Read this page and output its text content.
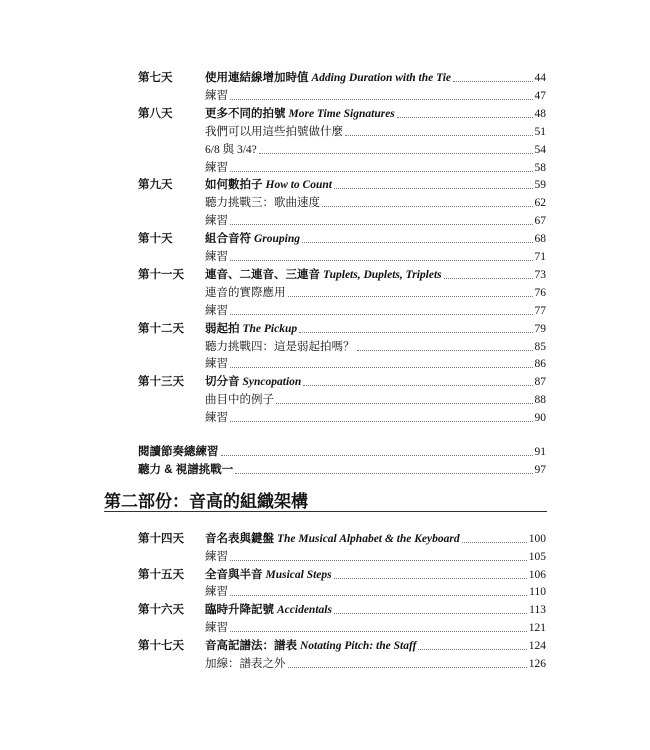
第七天	使用連結線增加時值 Adding Duration with the Tie	44
練習	47
第八天	更多不同的拍號 More Time Signatures	48
我們可以用這些拍號做什麼	51
6/8 與 3/4?	54
練習	58
第九天	如何數拍子 How to Count	59
聽力挑戰三：歌曲速度	62
練習	67
第十天	組合音符 Grouping	68
練習	71
第十一天	連音、二連音、三連音 Tuplets, Duplets, Triplets	73
連音的實際應用	76
練習	77
第十二天	弱起拍 The Pickup	79
聽力挑戰四：這是弱起拍嗎？	85
練習	86
第十三天	切分音 Syncopation	87
曲目中的例子	88
練習	90
閱讀節奏總練習	91
聽力 & 視譜挑戰一	97
第二部份：音高的組織架構
第十四天	音名表與鍵盤 The Musical Alphabet & the Keyboard	100
練習	105
第十五天	全音與半音 Musical Steps	106
練習	110
第十六天	臨時升降記號 Accidentals	113
練習	121
第十七天	音高記譜法：譜表 Notating Pitch: the Staff	124
加線：譜表之外	126
